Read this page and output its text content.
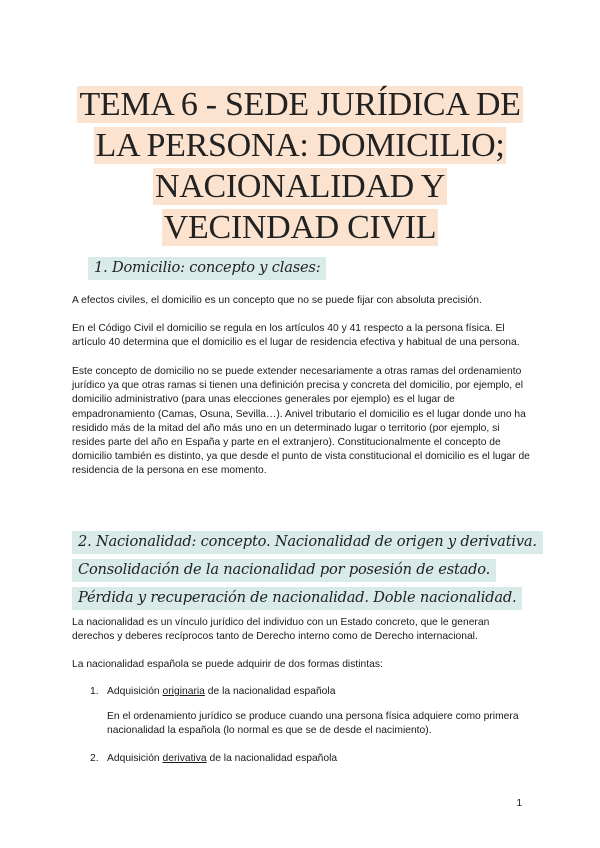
TEMA 6 - SEDE JURÍDICA DE LA PERSONA: DOMICILIO; NACIONALIDAD Y VECINDAD CIVIL
1. Domicilio: concepto y clases:
A efectos civiles, el domicilio es un concepto que no se puede fijar con absoluta precisión.
En el Código Civil el domicilio se regula en los artículos 40 y 41 respecto a la persona física. El artículo 40 determina que el domicilio es el lugar de residencia efectiva y habitual de una persona.
Este concepto de domicilio no se puede extender necesariamente a otras ramas del ordenamiento jurídico ya que otras ramas si tienen una definición precisa y concreta del domicilio, por ejemplo, el domicilio administrativo (para unas elecciones generales por ejemplo) es el lugar de empadronamiento (Camas, Osuna, Sevilla…). Anivel tributario el domicilio es el lugar donde uno ha residido más de la mitad del año más uno en un determinado lugar o territorio (por ejemplo, si resides parte del año en España y parte en el extranjero). Constitucionalmente el concepto de domicilio también es distinto, ya que desde el punto de vista constitucional el domicilio es el lugar de residencia de la persona en ese momento.
2. Nacionalidad: concepto. Nacionalidad de origen y derivativa. Consolidación de la nacionalidad por posesión de estado. Pérdida y recuperación de nacionalidad. Doble nacionalidad.
La nacionalidad es un vínculo jurídico del individuo con un Estado concreto, que le generan derechos y deberes recíprocos tanto de Derecho interno como de Derecho internacional.
La nacionalidad española se puede adquirir de dos formas distintas:
1. Adquisición originaria de la nacionalidad española
En el ordenamiento jurídico se produce cuando una persona física adquiere como primera nacionalidad la española (lo normal es que se de desde el nacimiento).
2. Adquisición derivativa de la nacionalidad española
1
